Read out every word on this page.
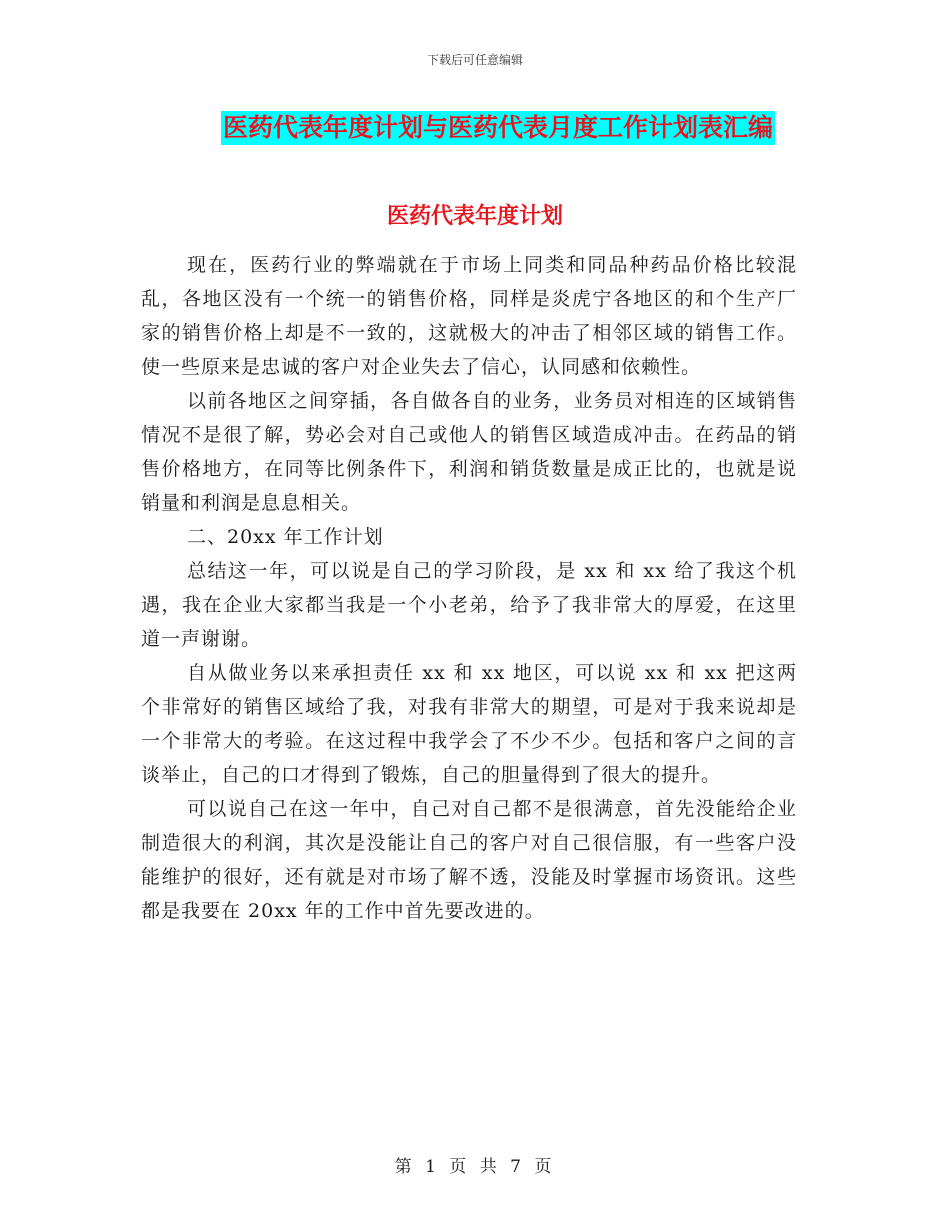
下载后可任意编辑
医药代表年度计划与医药代表月度工作计划表汇编
医药代表年度计划

现在，医药行业的弊端就在于市场上同类和同品种药品价格比较混乱，各地区没有一个统一的销售价格，同样是炎虎宁各地区的和个生产厂家的销售价格上却是不一致的，这就极大的冲击了相邻区域的销售工作。使一些原来是忠诚的客户对企业失去了信心，认同感和依赖性。

以前各地区之间穿插，各自做各自的业务，业务员对相连的区域销售情况不是很了解，势必会对自己或他人的销售区域造成冲击。在药品的销售价格地方，在同等比例条件下，利润和销货数量是成正比的，也就是说销量和利润是息息相关。

二、20xx 年工作计划

总结这一年，可以说是自己的学习阶段，是 xx 和 xx 给了我这个机遇，我在企业大家都当我是一个小老弟，给予了我非常大的厚爱，在这里道一声谢谢。

自从做业务以来承担责任 xx 和 xx 地区，可以说 xx 和 xx 把这两个非常好的销售区域给了我，对我有非常大的期望，可是对于我来说却是一个非常大的考验。在这过程中我学会了不少不少。包括和客户之间的言谈举止，自己的口才得到了锻炼，自己的胆量得到了很大的提升。

可以说自己在这一年中，自己对自己都不是很满意，首先没能给企业制造很大的利润，其次是没能让自己的客户对自己很信服，有一些客户没能维护的很好，还有就是对市场了解不透，没能及时掌握市场资讯。这些都是我要在 20xx 年的工作中首先要改进的。

第 1 页 共 7 页
